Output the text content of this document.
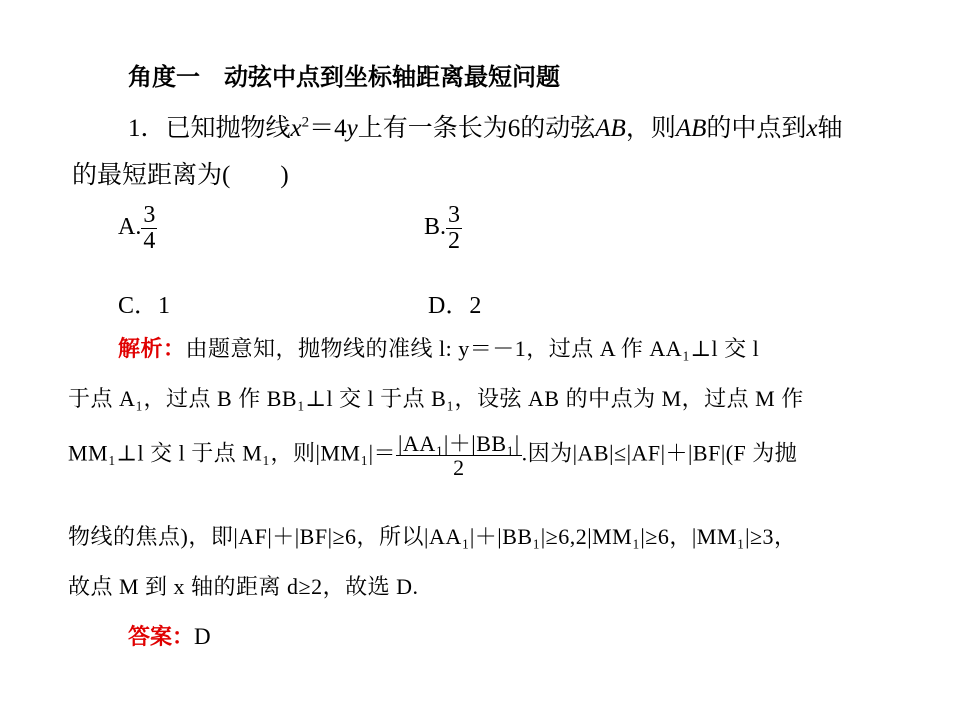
角度一　动弦中点到坐标轴距离最短问题
1．已知抛物线$x^2=4y$上有一条长为6的动弦AB，则AB的中点到x轴
的最短距离为(　　)
A. $\frac{3}{4}$	B. $\frac{3}{2}$
C．1	D．2
解析：由题意知，抛物线的准线 l: y＝－1，过点 A 作 AA₁⊥l 交 l
于点 A₁，过点 B 作 BB₁⊥l 交 l 于点 B₁，设弦 AB 的中点为 M，过点 M 作
MM₁⊥l 交 l 于点 M₁，则$|MM_1|= \frac{\text{|AA₁|＋|BB₁|}}{2}$ .因为|AB|≤|AF|＋|BF|(F 为抛
物线的焦点)，即|AF|＋|BF|≥6，所以|AA₁|＋|BB₁|≥6,2|MM₁|≥6，|MM₁|≥3，
故点 M 到 x 轴的距离 d≥2，故选 D.
答案：D
